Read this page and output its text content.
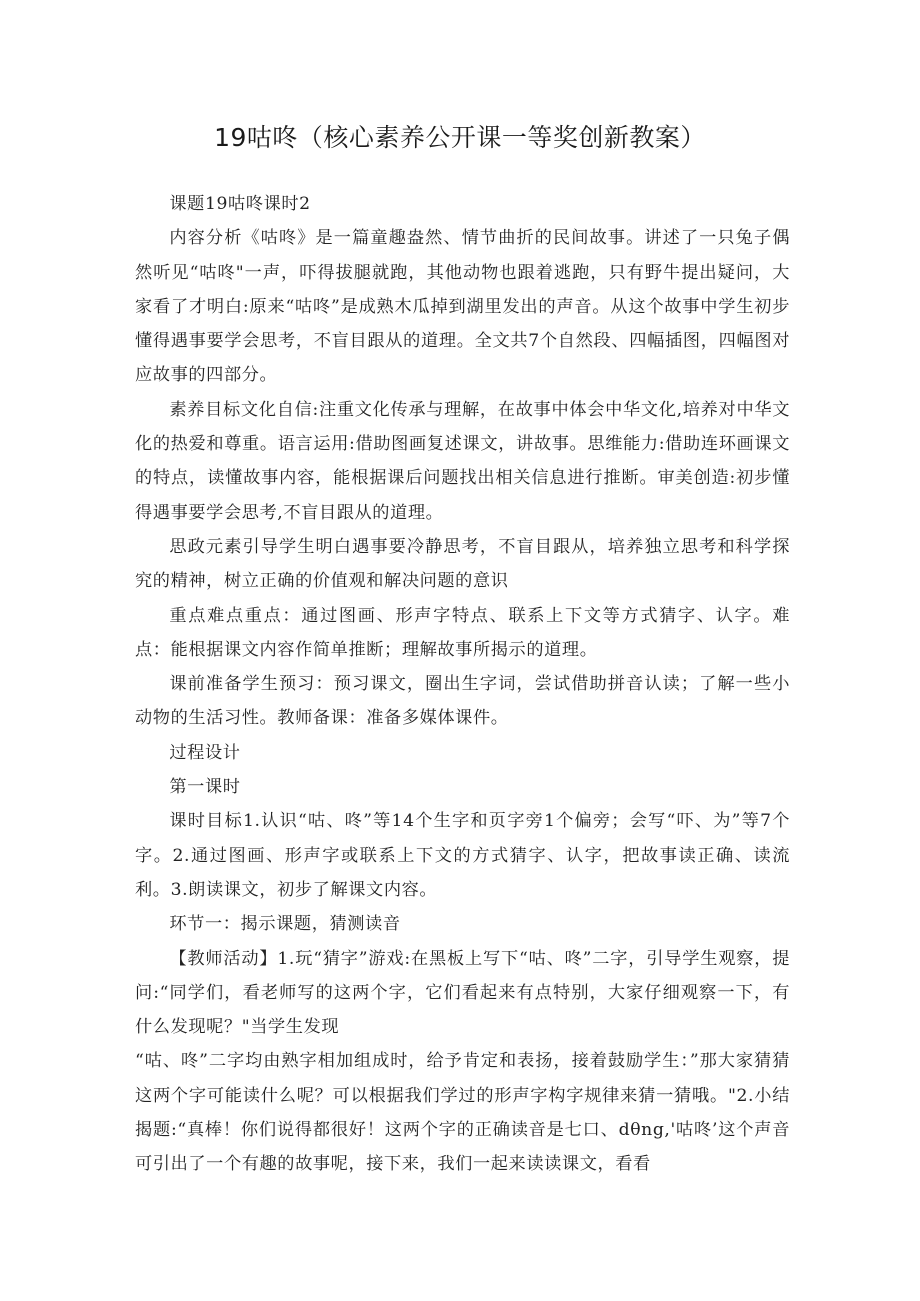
19咕咚（核心素养公开课一等奖创新教案）

课题19咕咚课时2

内容分析《咕咚》是一篇童趣盎然、情节曲折的民间故事。讲述了一只兔子偶然听见“咕咚"一声，吓得拔腿就跑，其他动物也跟着逃跑，只有野牛提出疑问，大家看了才明白:原来“咕咚”是成熟木瓜掉到湖里发出的声音。从这个故事中学生初步懂得遇事要学会思考，不盲目跟从的道理。全文共7个自然段、四幅插图，四幅图对应故事的四部分。

素养目标文化自信:注重文化传承与理解，在故事中体会中华文化,培养对中华文化的热爱和尊重。语言运用:借助图画复述课文，讲故事。思维能力:借助连环画课文的特点，读懂故事内容，能根据课后问题找出相关信息进行推断。审美创造:初步懂得遇事要学会思考,不盲目跟从的道理。

思政元素引导学生明白遇事要冷静思考，不盲目跟从，培养独立思考和科学探究的精神，树立正确的价值观和解决问题的意识

重点难点重点：通过图画、形声字特点、联系上下文等方式猜字、认字。难点：能根据课文内容作简单推断；理解故事所揭示的道理。

课前准备学生预习：预习课文，圈出生字词，尝试借助拼音认读；了解一些小动物的生活习性。教师备课：准备多媒体课件。

过程设计

第一课时

课时目标1.认识“咕、咚”等14个生字和页字旁1个偏旁；会写“吓、为”等7个字。2.通过图画、形声字或联系上下文的方式猜字、认字，把故事读正确、读流利。3.朗读课文，初步了解课文内容。

环节一：揭示课题，猜测读音

【教师活动】1.玩“猜字”游戏:在黑板上写下“咕、咚”二字，引导学生观察，提问:“同学们，看老师写的这两个字，它们看起来有点特别，大家仔细观察一下，有什么发现呢？"当学生发现

“咕、咚”二字均由熟字相加组成时，给予肯定和表扬，接着鼓励学生：”那大家猜猜这两个字可能读什么呢？可以根据我们学过的形声字构字规律来猜一猜哦。"2.小结揭题:“真棒！你们说得都很好！这两个字的正确读音是七口、dθng,'咕咚’这个声音可引出了一个有趣的故事呢，接下来，我们一起来读读课文，看看
